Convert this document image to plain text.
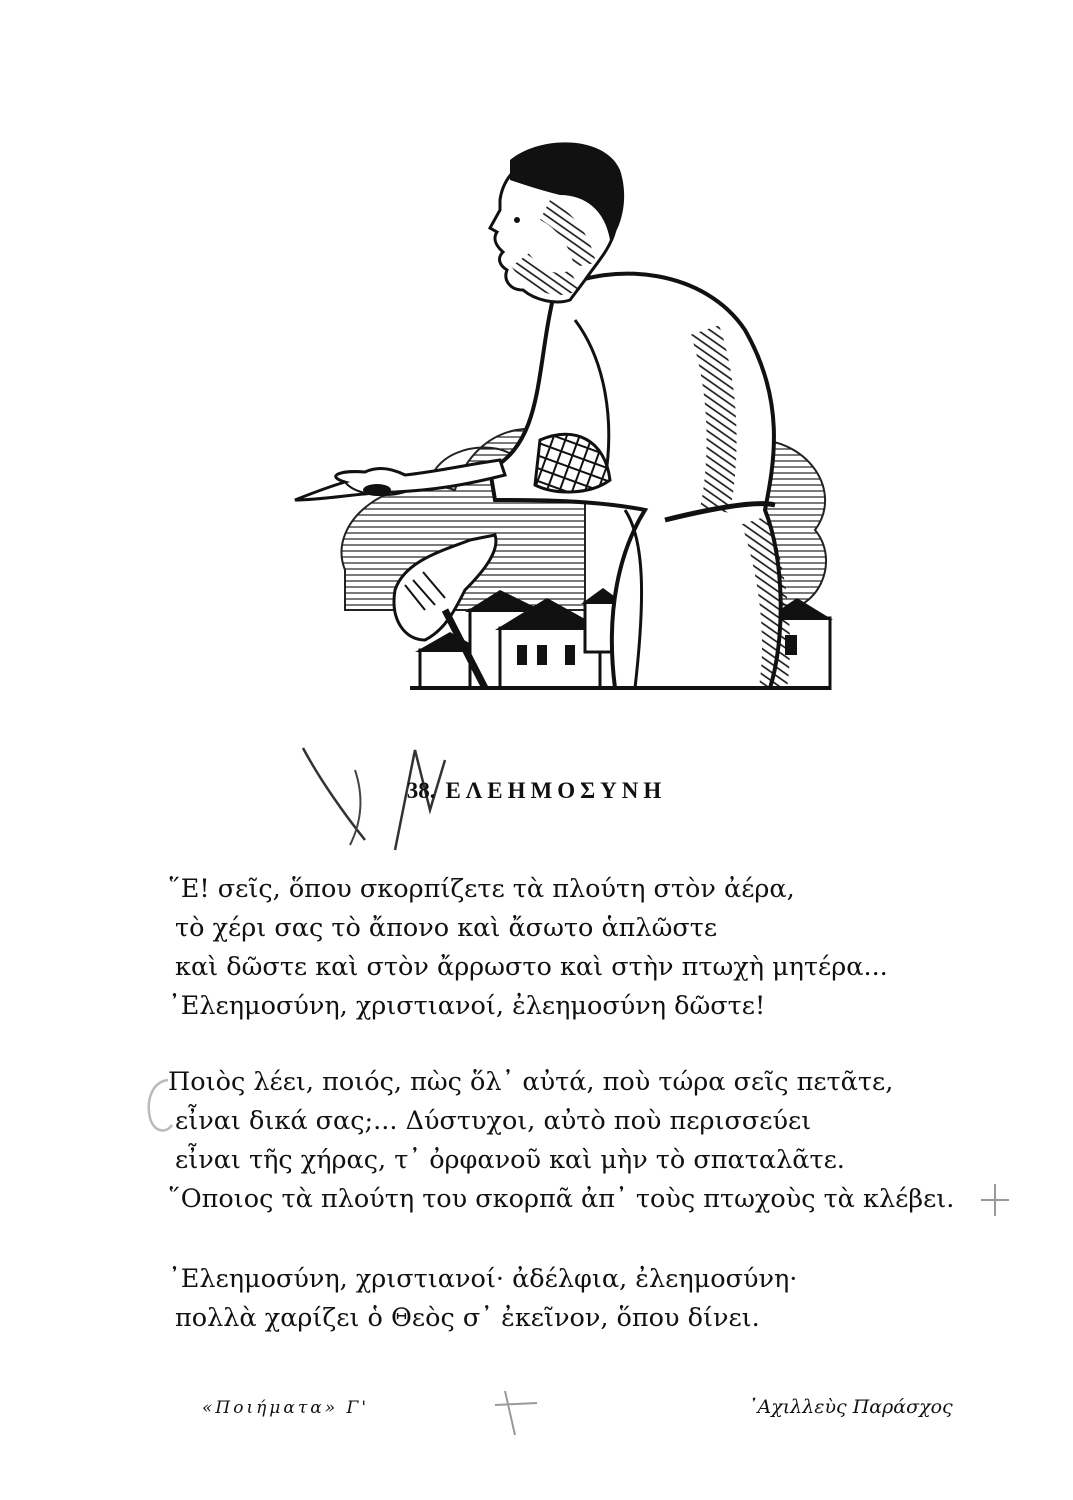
38. ΕΛΕΗΜΟΣΥΝΗ
῞Ε! σεῖς, ὅπου σκορπίζετε τὰ πλούτη στὸν ἀέρα,
τὸ χέρι σας τὸ ἄπονο καὶ ἄσωτο ἁπλῶστε
καὶ δῶστε καὶ στὸν ἄρρωστο καὶ στὴν πτωχὴ μητέρα...
᾿Ελεημοσύνη, χριστιανοί, ἐλεημοσύνη δῶστε!
Ποιὸς λέει, ποιός, πὼς ὅλ᾿ αὐτά, ποὺ τώρα σεῖς πετᾶτε,
εἶναι δικά σας;... Δύστυχοι, αὐτὸ ποὺ περισσεύει
εἶναι τῆς χήρας, τ᾿ ὀρφανοῦ καὶ μὴν τὸ σπαταλᾶτε.
῞Οποιος τὰ πλούτη του σκορπᾶ ἀπ᾿ τοὺς πτωχοὺς τὰ κλέβει.
᾿Ελεημοσύνη, χριστιανοί· ἀδέλφια, ἐλεημοσύνη·
πολλὰ χαρίζει ὁ Θεὸς σ᾿ ἐκεῖνον, ὅπου δίνει.
«Ποιήματα» Γ'	᾿Αχιλλεὺς Παράσχος
